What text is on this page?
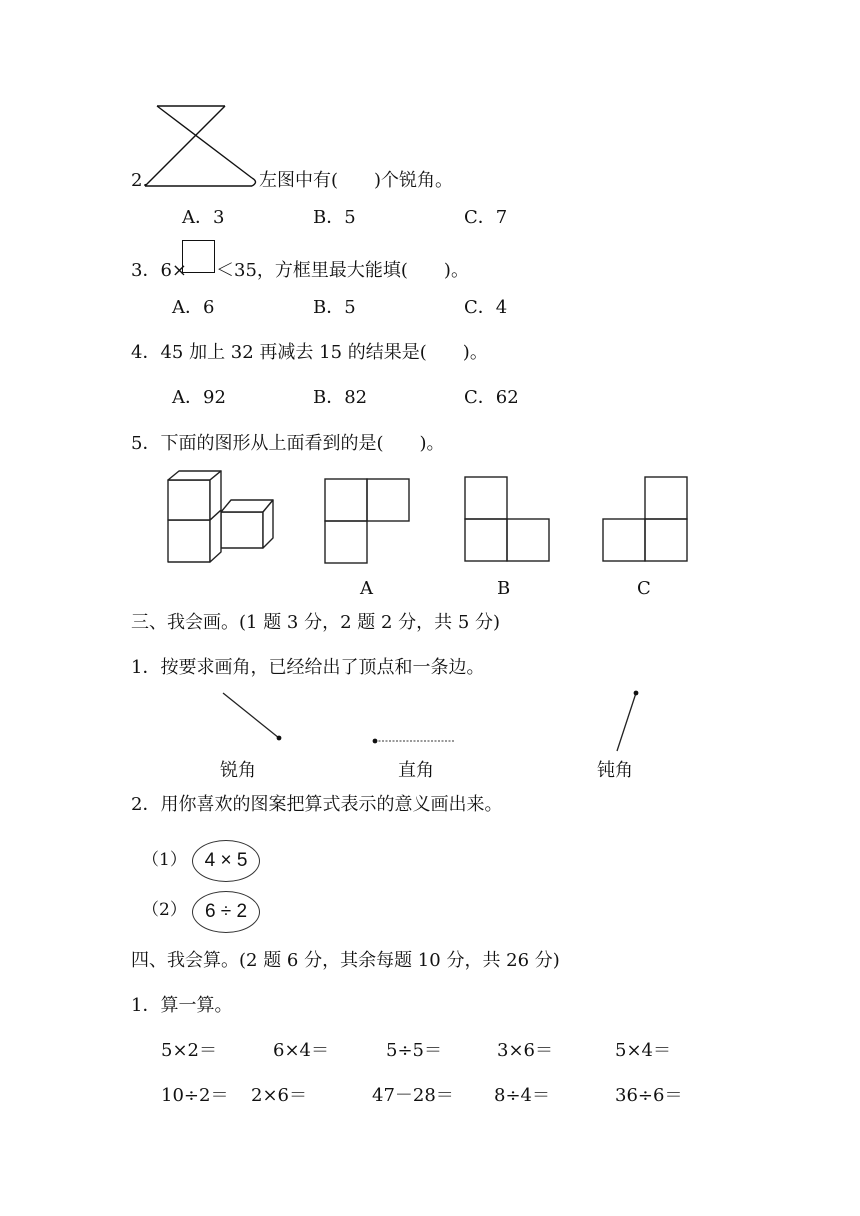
2.	左图中有(　　)个锐角。
A．3	B．5	C．7
3．6× ＜35，方框里最大能填(　　)。
A．6	B．5	C．4
4．45 加上 32 再减去 15 的结果是(　　)。
A．92	B．82	C．62
5．下面的图形从上面看到的是(　　)。
A	B	C
三、我会画。(1 题 3 分，2 题 2 分，共 5 分)
1．按要求画角，已经给出了顶点和一条边。
锐角	直角	钝角
2．用你喜欢的图案把算式表示的意义画出来。
（1） 4 × 5
（2） 6 ÷ 2
四、我会算。(2 题 6 分，其余每题 10 分，共 26 分)
1．算一算。
5×2＝	6×4＝	5÷5＝	3×6＝	5×4＝
10÷2＝ 2×6＝	47－28＝ 8÷4＝	36÷6＝
